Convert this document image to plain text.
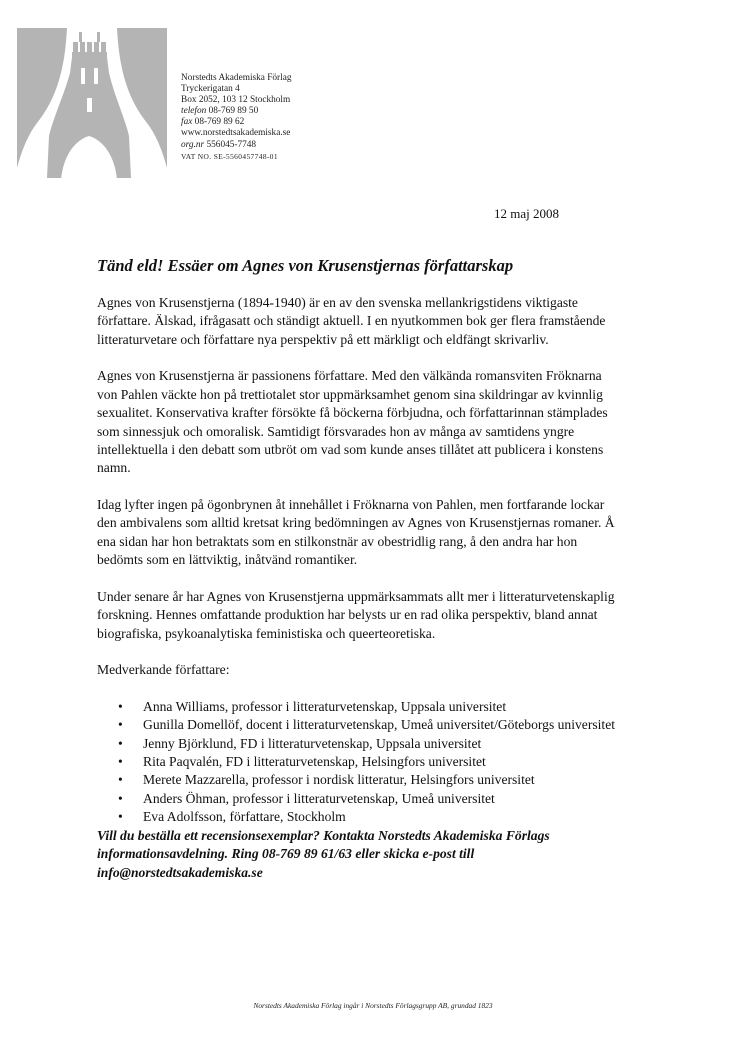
Norstedts Akademiska Förlag
Tryckerigatan 4
Box 2052, 103 12 Stockholm
telefon 08-769 89 50
fax 08-769 89 62
www.norstedtsakademiska.se
org.nr 556045-7748
VAT NO. SE-5560457748-01
12 maj 2008
Tänd eld! Essäer om Agnes von Krusenstjernas författarskap

Agnes von Krusenstjerna (1894-1940) är en av den svenska mellankrigstidens viktigaste författare. Älskad, ifrågasatt och ständigt aktuell. I en nyutkommen bok ger flera framstående litteraturvetare och författare nya perspektiv på ett märkligt och eldfängt skrivarliv.

Agnes von Krusenstjerna är passionens författare. Med den välkända romansviten Fröknarna von Pahlen väckte hon på trettiotalet stor uppmärksamhet genom sina skildringar av kvinnlig sexualitet. Konservativa krafter försökte få böckerna förbjudna, och författarinnan stämplades som sinnessjuk och omoralisk. Samtidigt försvarades hon av många av samtidens yngre intellektuella i den debatt som utbröt om vad som kunde anses tillåtet att publicera i konstens namn.

Idag lyfter ingen på ögonbrynen åt innehållet i Fröknarna von Pahlen, men fortfarande lockar den ambivalens som alltid kretsat kring bedömningen av Agnes von Krusenstjernas romaner. Å ena sidan har hon betraktats som en stilkonstnär av obestridlig rang, å den andra har hon bedömts som en lättviktig, inåtvänd romantiker.

Under senare år har Agnes von Krusenstjerna uppmärksammats allt mer i litteraturvetenskaplig forskning. Hennes omfattande produktion har belysts ur en rad olika perspektiv, bland annat biografiska, psykoanalytiska feministiska och queerteoretiska.

Medverkande författare:

• Anna Williams, professor i litteraturvetenskap, Uppsala universitet
• Gunilla Domellöf, docent i litteraturvetenskap, Umeå universitet/Göteborgs universitet
• Jenny Björklund, FD i litteraturvetenskap, Uppsala universitet
• Rita Paqvalén, FD i litteraturvetenskap, Helsingfors universitet
• Merete Mazzarella, professor i nordisk litteratur, Helsingfors universitet
• Anders Öhman, professor i litteraturvetenskap, Umeå universitet
• Eva Adolfsson, författare, Stockholm

Vill du beställa ett recensionsexemplar? Kontakta Norstedts Akademiska Förlags informationsavdelning. Ring 08-769 89 61/63 eller skicka e-post till info@norstedtsakademiska.se

Norstedts Akademiska Förlag ingår i Norstedts Förlagsgrupp AB, grundad 1823
